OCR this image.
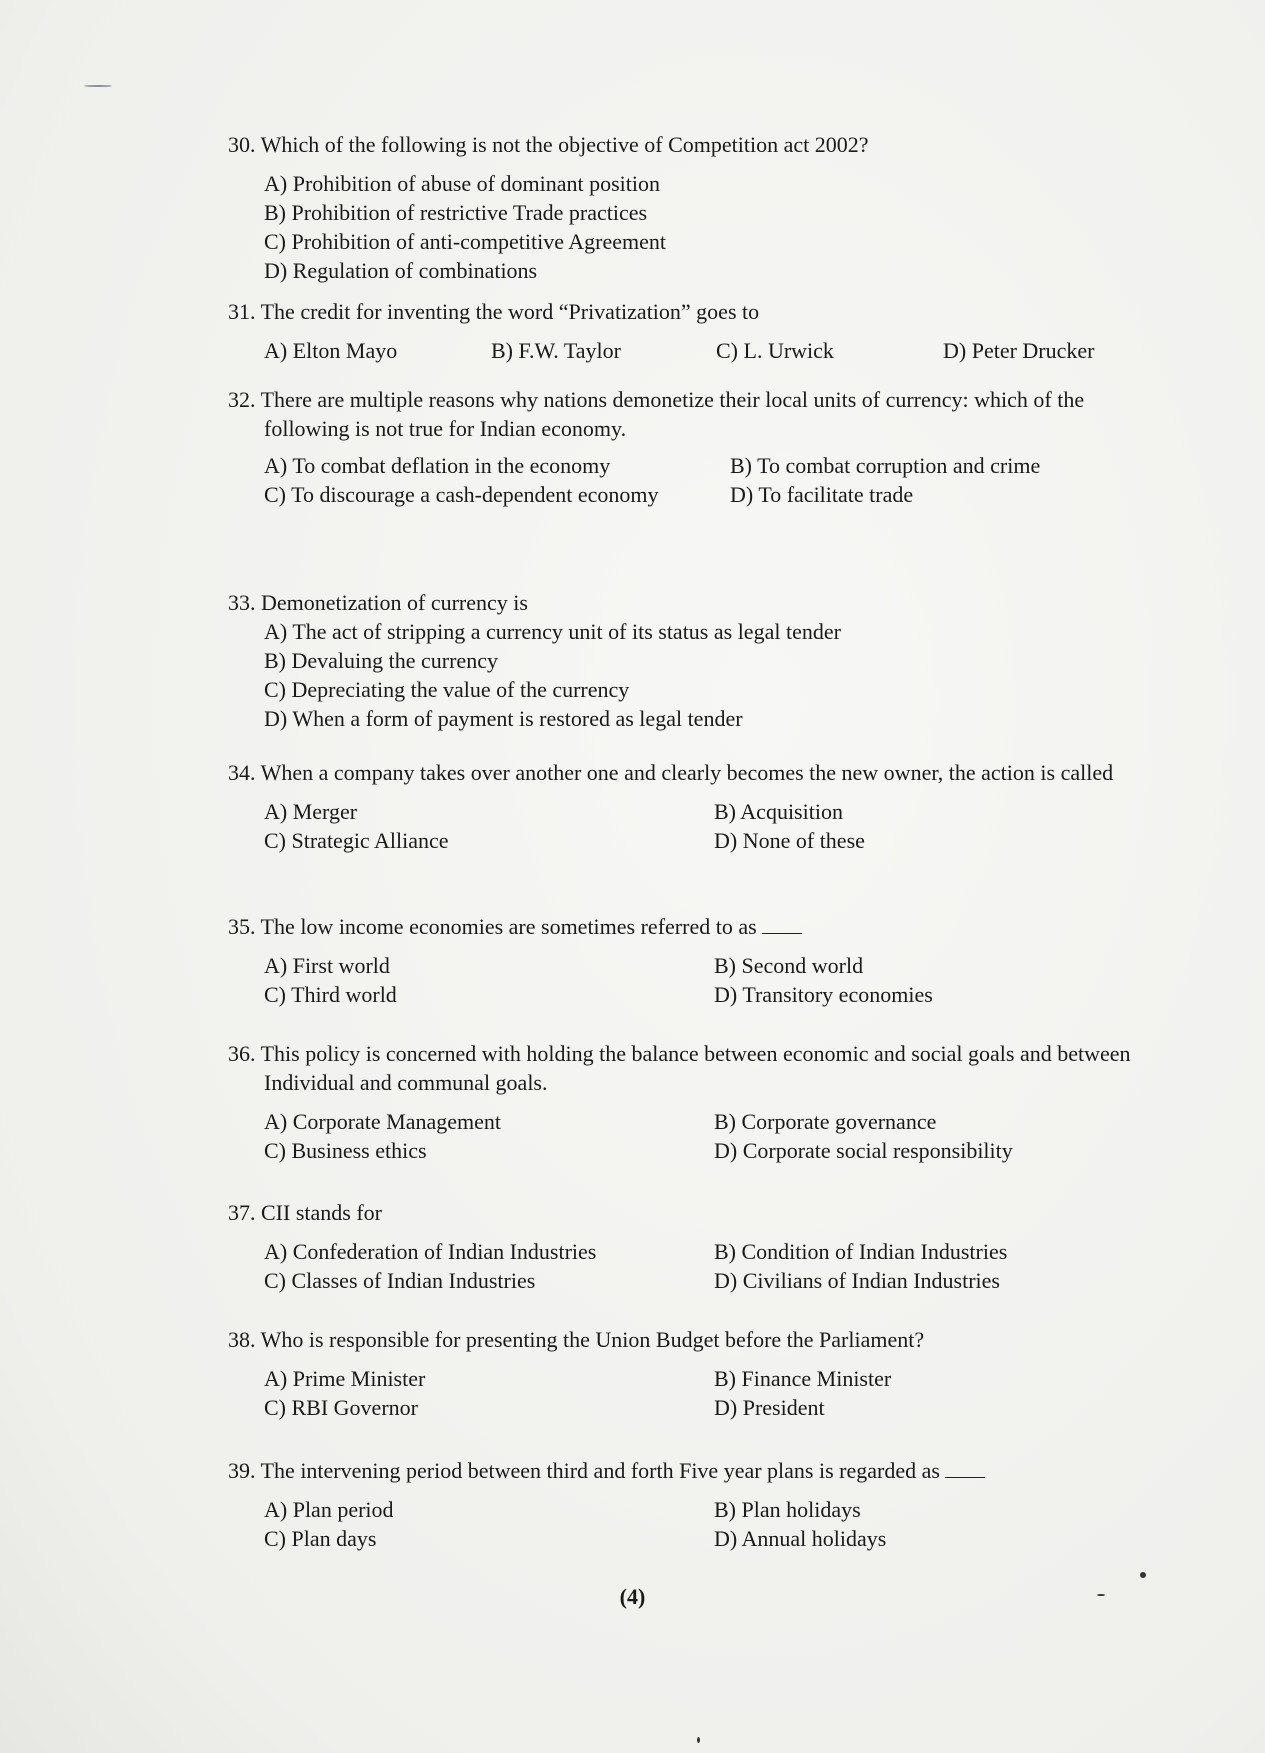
30. Which of the following is not the objective of Competition act 2002?
A) Prohibition of abuse of dominant position
B) Prohibition of restrictive Trade practices
C) Prohibition of anti-competitive Agreement
D) Regulation of combinations
31. The credit for inventing the word “Privatization” goes to
A) Elton Mayo	B) F.W. Taylor	C) L. Urwick	D) Peter Drucker
32. There are multiple reasons why nations demonetize their local units of currency: which of the following is not true for Indian economy.
A) To combat deflation in the economy	B) To combat corruption and crime
C) To discourage a cash-dependent economy	D) To facilitate trade
33. Demonetization of currency is
A) The act of stripping a currency unit of its status as legal tender
B) Devaluing the currency
C) Depreciating the value of the currency
D) When a form of payment is restored as legal tender
34. When a company takes over another one and clearly becomes the new owner, the action is called
A) Merger	B) Acquisition
C) Strategic Alliance	D) None of these
35. The low income economies are sometimes referred to as
A) First world	B) Second world
C) Third world	D) Transitory economies
36. This policy is concerned with holding the balance between economic and social goals and between Individual and communal goals.
A) Corporate Management	B) Corporate governance
C) Business ethics	D) Corporate social responsibility
37. CII stands for
A) Confederation of Indian Industries	B) Condition of Indian Industries
C) Classes of Indian Industries	D) Civilians of Indian Industries
38. Who is responsible for presenting the Union Budget before the Parliament?
A) Prime Minister	B) Finance Minister
C) RBI Governor	D) President
39. The intervening period between third and forth Five year plans is regarded as
A) Plan period	B) Plan holidays
C) Plan days	D) Annual holidays
(4)
